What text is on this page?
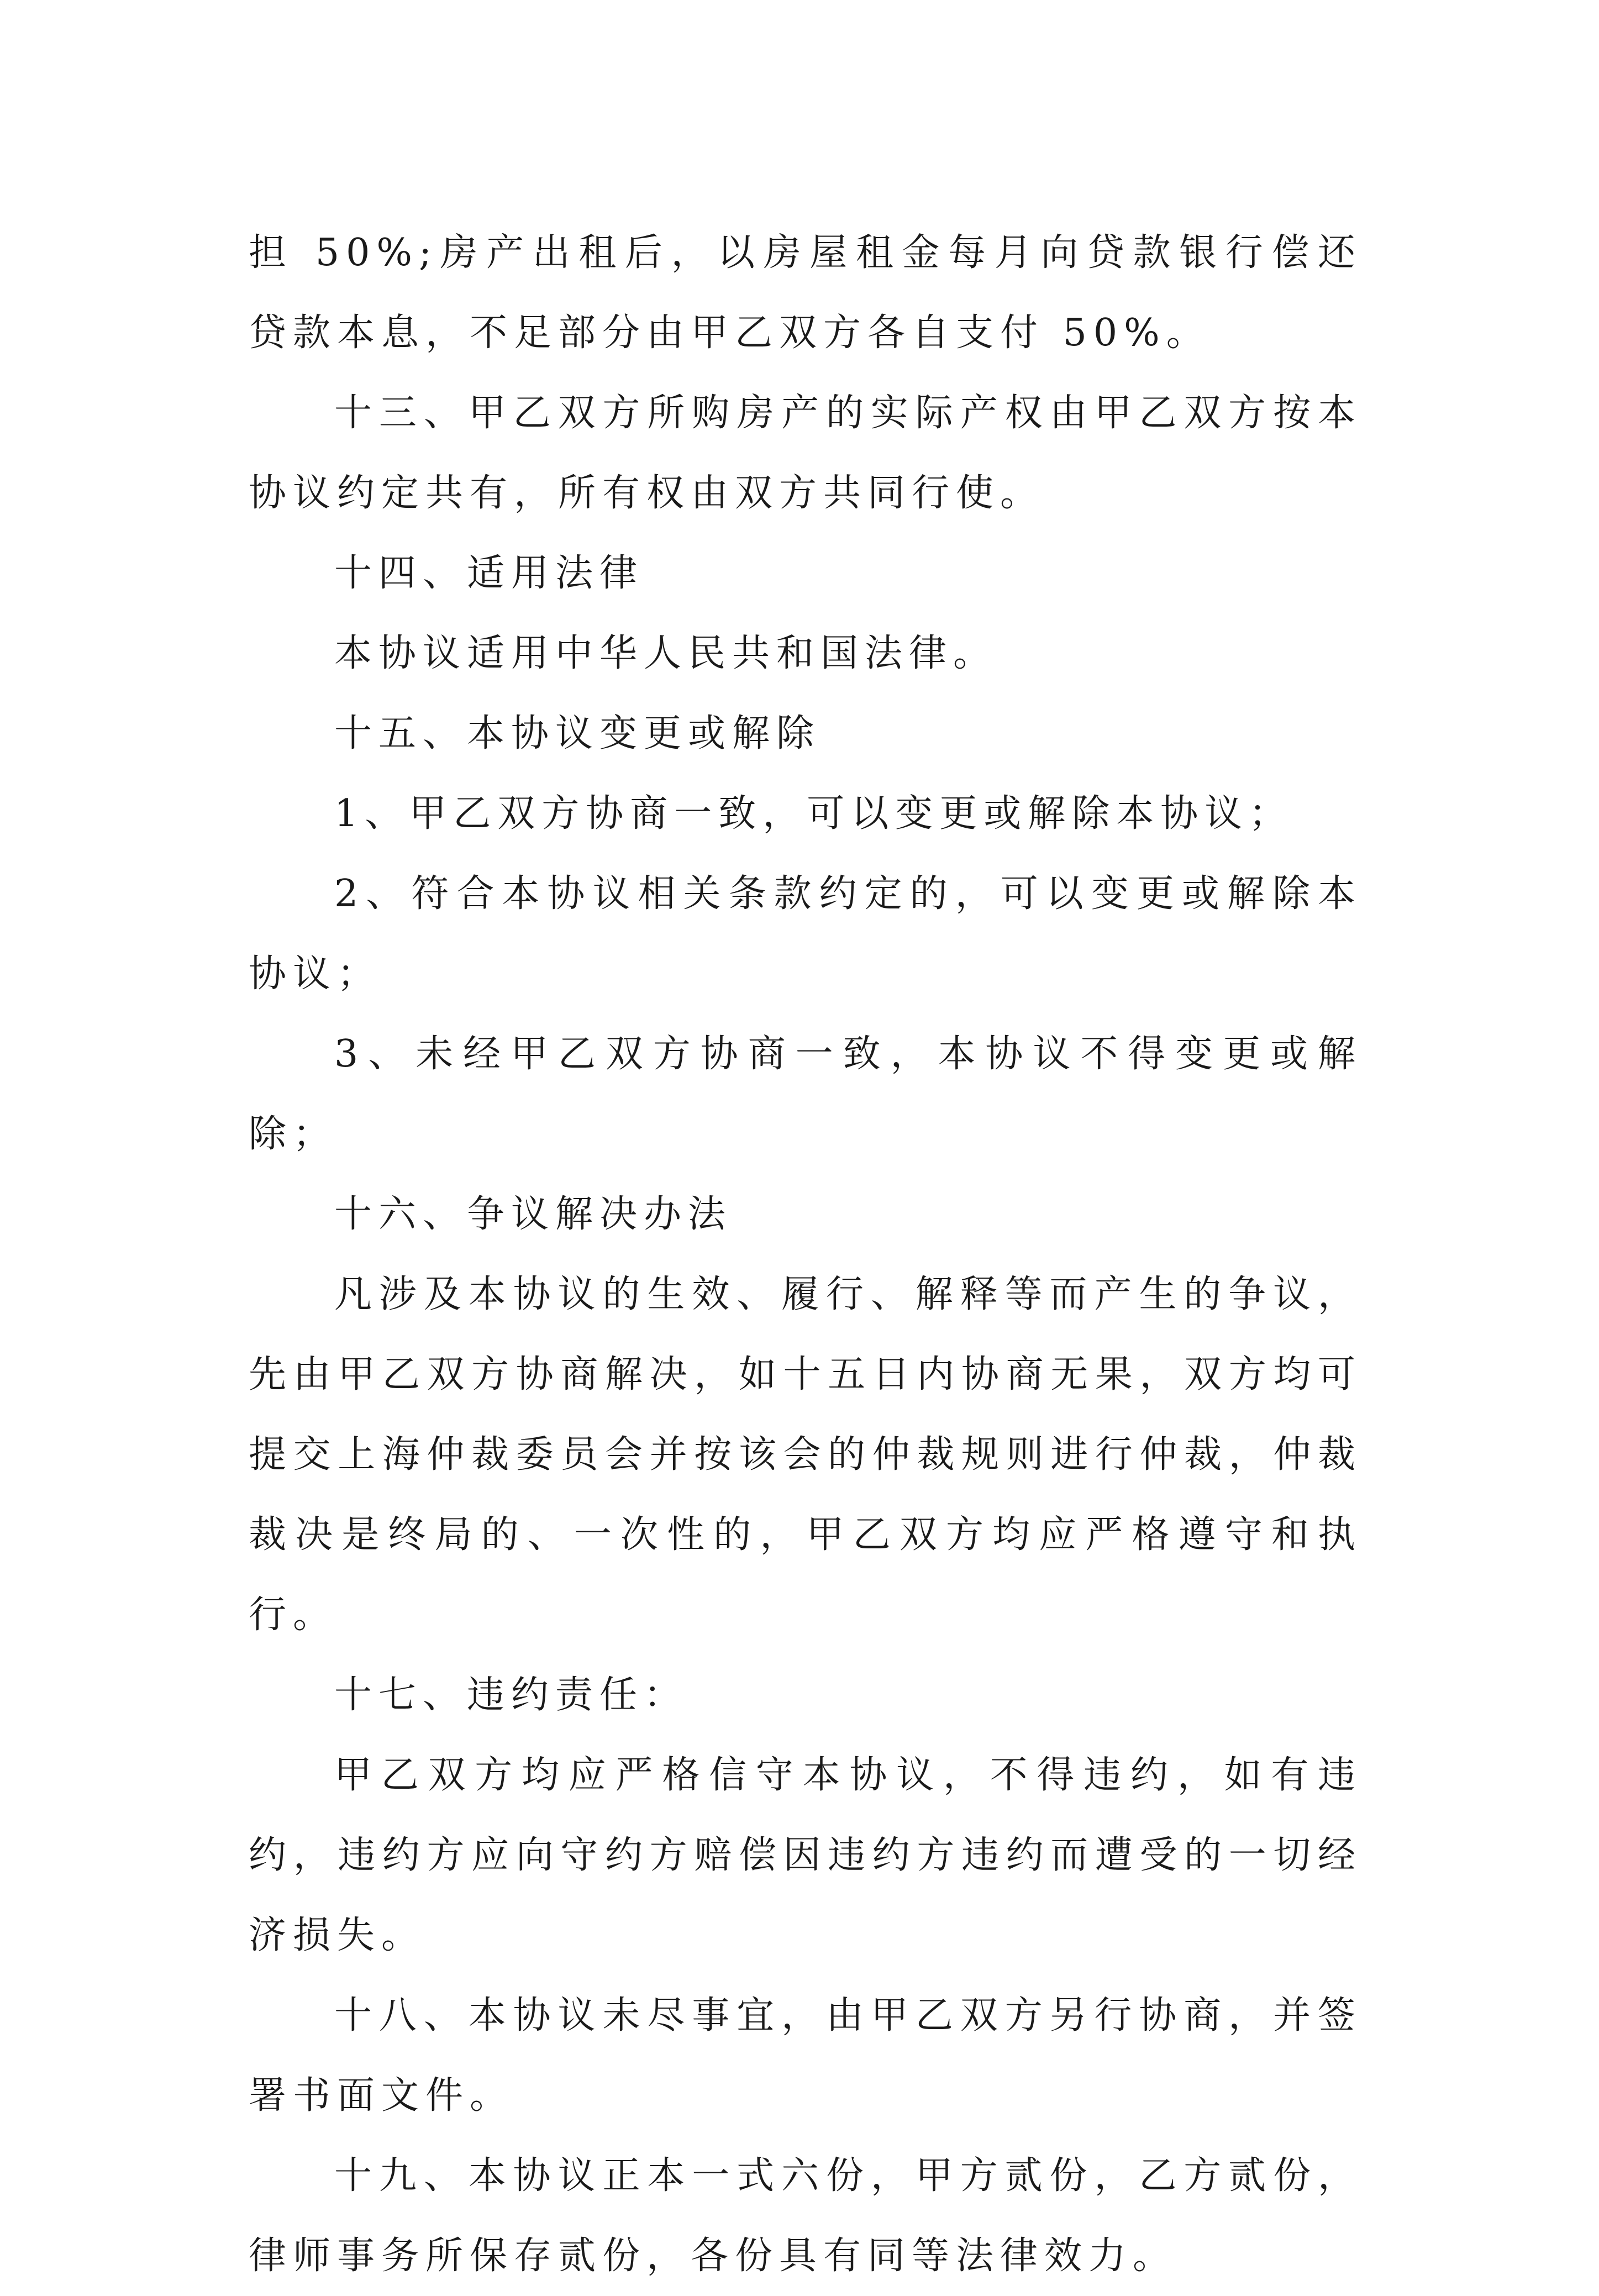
担 50%;房产出租后，以房屋租金每月向贷款银行偿还贷款本息，不足部分由甲乙双方各自支付 50%。

十三、甲乙双方所购房产的实际产权由甲乙双方按本协议约定共有，所有权由双方共同行使。

十四、适用法律

本协议适用中华人民共和国法律。

十五、本协议变更或解除

1、甲乙双方协商一致，可以变更或解除本协议；

2、符合本协议相关条款约定的，可以变更或解除本协议；

3、未经甲乙双方协商一致，本协议不得变更或解除；

十六、争议解决办法

凡涉及本协议的生效、履行、解释等而产生的争议，先由甲乙双方协商解决，如十五日内协商无果，双方均可提交上海仲裁委员会并按该会的仲裁规则进行仲裁，仲裁裁决是终局的、一次性的，甲乙双方均应严格遵守和执行。

十七、违约责任：

甲乙双方均应严格信守本协议，不得违约，如有违约，违约方应向守约方赔偿因违约方违约而遭受的一切经济损失。

十八、本协议未尽事宜，由甲乙双方另行协商，并签署书面文件。

十九、本协议正本一式六份，甲方贰份，乙方贰份，律师事务所保存贰份，各份具有同等法律效力。
